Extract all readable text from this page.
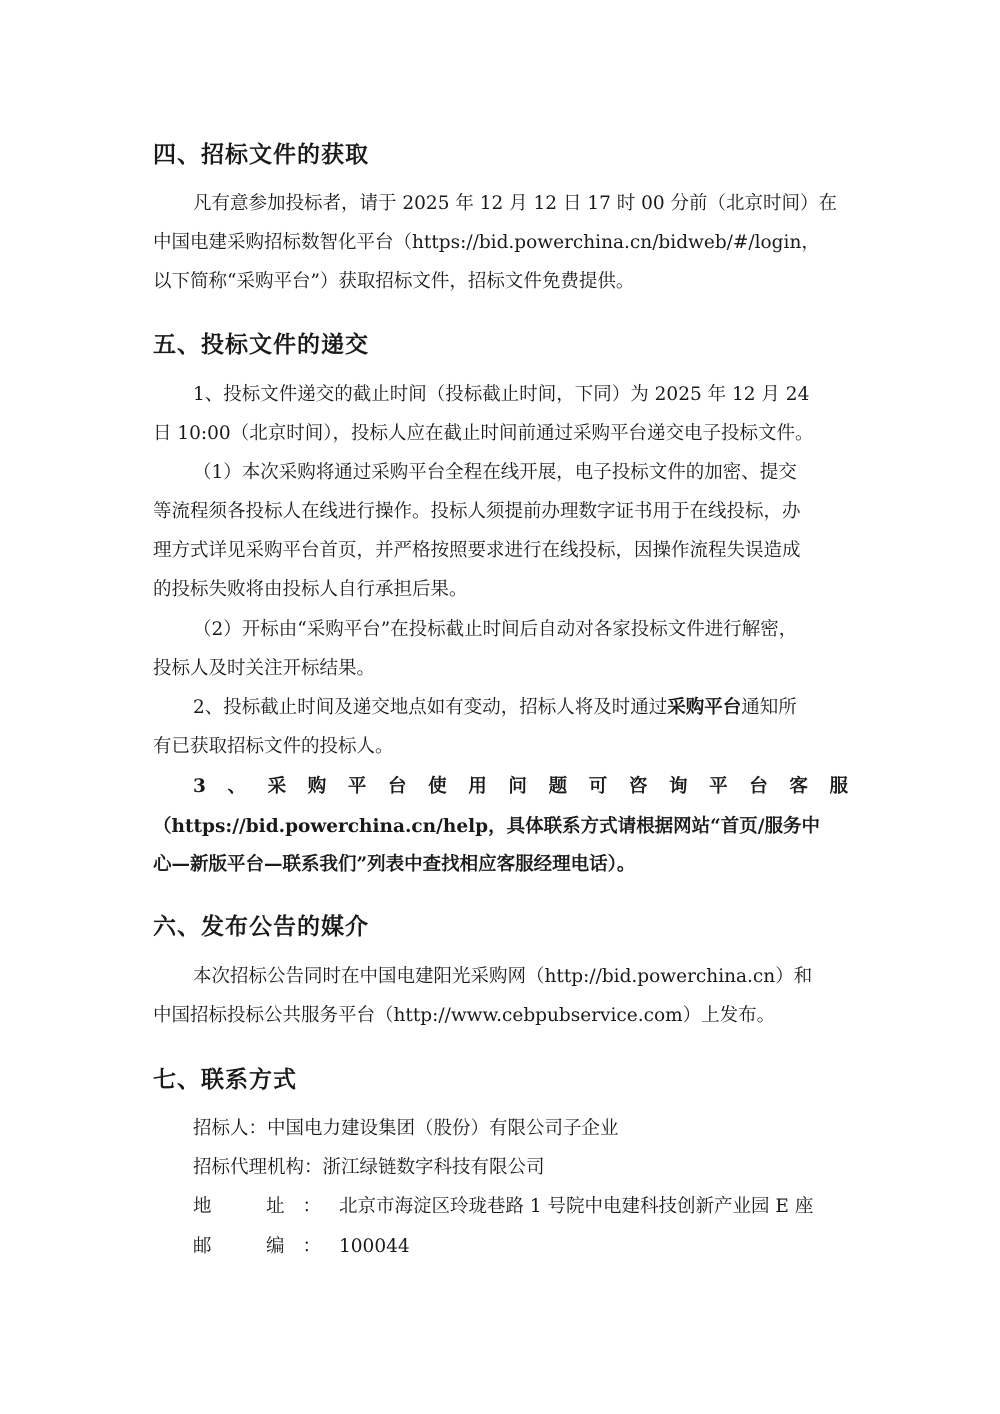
四、招标文件的获取
凡有意参加投标者，请于 2025 年 12 月 12 日 17 时 00 分前（北京时间）在
中国电建采购招标数智化平台（https://bid.powerchina.cn/bidweb/#/login，
以下简称“采购平台”）获取招标文件，招标文件免费提供。
五、投标文件的递交
1、投标文件递交的截止时间（投标截止时间，下同）为 2025 年 12 月 24
日 10:00（北京时间），投标人应在截止时间前通过采购平台递交电子投标文件。
（1）本次采购将通过采购平台全程在线开展，电子投标文件的加密、提交
等流程须各投标人在线进行操作。投标人须提前办理数字证书用于在线投标，办
理方式详见采购平台首页，并严格按照要求进行在线投标，因操作流程失误造成
的投标失败将由投标人自行承担后果。
（2）开标由“采购平台”在投标截止时间后自动对各家投标文件进行解密，
投标人及时关注开标结果。
2、投标截止时间及递交地点如有变动，招标人将及时通过采购平台通知所
有已获取招标文件的投标人。
3、采购平台使用问题可咨询平台客服
（https://bid.powerchina.cn/help，具体联系方式请根据网站“首页/服务中
心—新版平台—联系我们”列表中查找相应客服经理电话）。
六、发布公告的媒介
本次招标公告同时在中国电建阳光采购网（http://bid.powerchina.cn）和
中国招标投标公共服务平台（http://www.cebpubservice.com）上发布。
七、联系方式
招标人：中国电力建设集团（股份）有限公司子企业
招标代理机构：浙江绿链数字科技有限公司
地　址：北京市海淀区玲珑巷路 1 号院中电建科技创新产业园 E 座
邮　编：100044
